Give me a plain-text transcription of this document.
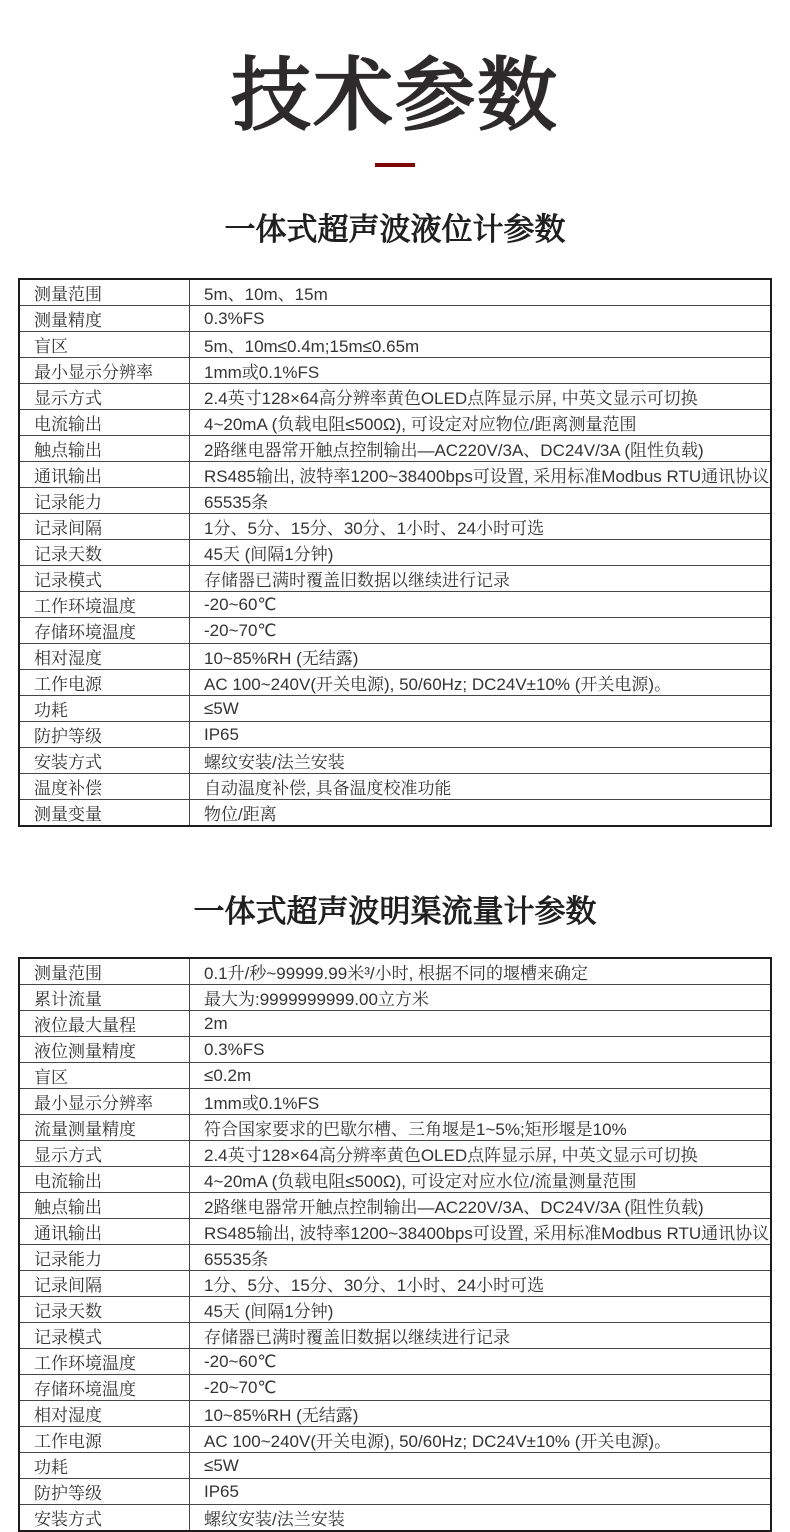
技术参数
一体式超声波液位计参数
测量范围	5m、10m、15m
测量精度	0.3%FS
盲区	5m、10m≤0.4m;15m≤0.65m
最小显示分辨率	1mm或0.1%FS
显示方式	2.4英寸128×64高分辨率黄色OLED点阵显示屏, 中英文显示可切换
电流输出	4~20mA (负载电阻≤500Ω), 可设定对应物位/距离测量范围
触点输出	2路继电器常开触点控制输出—AC220V/3A、DC24V/3A (阻性负载)
通讯输出	RS485输出, 波特率1200~38400bps可设置, 采用标准Modbus RTU通讯协议
记录能力	65535条
记录间隔	1分、5分、15分、30分、1小时、24小时可选
记录天数	45天 (间隔1分钟)
记录模式	存储器已满时覆盖旧数据以继续进行记录
工作环境温度	-20~60℃
存储环境温度	-20~70℃
相对湿度	10~85%RH (无结露)
工作电源	AC 100~240V(开关电源), 50/60Hz; DC24V±10% (开关电源)。
功耗	≤5W
防护等级	IP65
安装方式	螺纹安装/法兰安装
温度补偿	自动温度补偿, 具备温度校准功能
测量变量	物位/距离
一体式超声波明渠流量计参数
测量范围	0.1升/秒~99999.99米³/小时, 根据不同的堰槽来确定
累计流量	最大为:9999999999.00立方米
液位最大量程	2m
液位测量精度	0.3%FS
盲区	≤0.2m
最小显示分辨率	1mm或0.1%FS
流量测量精度	符合国家要求的巴歇尔槽、三角堰是1~5%;矩形堰是10%
显示方式	2.4英寸128×64高分辨率黄色OLED点阵显示屏, 中英文显示可切换
电流输出	4~20mA (负载电阻≤500Ω), 可设定对应水位/流量测量范围
触点输出	2路继电器常开触点控制输出—AC220V/3A、DC24V/3A (阻性负载)
通讯输出	RS485输出, 波特率1200~38400bps可设置, 采用标准Modbus RTU通讯协议
记录能力	65535条
记录间隔	1分、5分、15分、30分、1小时、24小时可选
记录天数	45天 (间隔1分钟)
记录模式	存储器已满时覆盖旧数据以继续进行记录
工作环境温度	-20~60℃
存储环境温度	-20~70℃
相对湿度	10~85%RH (无结露)
工作电源	AC 100~240V(开关电源), 50/60Hz; DC24V±10% (开关电源)。
功耗	≤5W
防护等级	IP65
安装方式	螺纹安装/法兰安装
